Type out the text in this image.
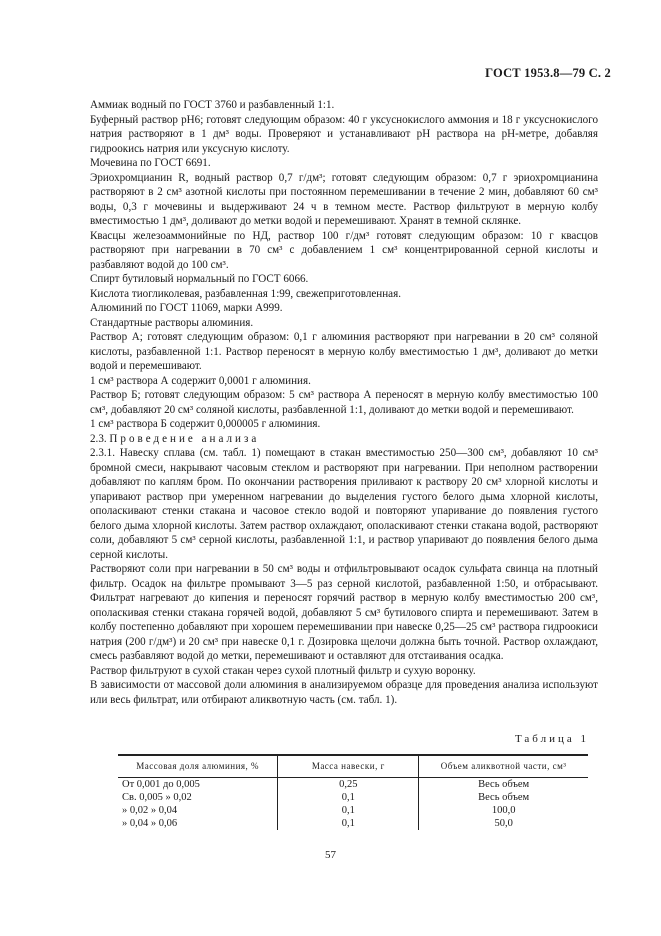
ГОСТ 1953.8—79 С. 2

Аммиак водный по ГОСТ 3760 и разбавленный 1:1.

Буферный раствор рН6; готовят следующим образом: 40 г уксуснокислого аммония и 18 г уксуснокислого натрия растворяют в 1 дм³ воды. Проверяют и устанавливают рН раствора на рН-метре, добавляя гидроокись натрия или уксусную кислоту.

Мочевина по ГОСТ 6691.

Эриохромцианин R, водный раствор 0,7 г/дм³; готовят следующим образом: 0,7 г эриохромцианина растворяют в 2 см³ азотной кислоты при постоянном перемешивании в течение 2 мин, добавляют 60 см³ воды, 0,3 г мочевины и выдерживают 24 ч в темном месте. Раствор фильтруют в мерную колбу вместимостью 1 дм³, доливают до метки водой и перемешивают. Хранят в темной склянке.

Квасцы железоаммонийные по НД, раствор 100 г/дм³ готовят следующим образом: 10 г квасцов растворяют при нагревании в 70 см³ с добавлением 1 см³ концентрированной серной кислоты и разбавляют водой до 100 см³.

Спирт бутиловый нормальный по ГОСТ 6066.

Кислота тиогликолевая, разбавленная 1:99, свежеприготовленная.

Алюминий по ГОСТ 11069, марки А999.

Стандартные растворы алюминия.

Раствор А; готовят следующим образом: 0,1 г алюминия растворяют при нагревании в 20 см³ соляной кислоты, разбавленной 1:1. Раствор переносят в мерную колбу вместимостью 1 дм³, доливают до метки водой и перемешивают.

1 см³ раствора А содержит 0,0001 г алюминия.

Раствор Б; готовят следующим образом: 5 см³ раствора А переносят в мерную колбу вместимостью 100 см³, добавляют 20 см³ соляной кислоты, разбавленной 1:1, доливают до метки водой и перемешивают.

1 см³ раствора Б содержит 0,000005 г алюминия.

2.3. Проведение анализа

2.3.1. Навеску сплава (см. табл. 1) помещают в стакан вместимостью 250—300 см³, добавляют 10 см³ бромной смеси, накрывают часовым стеклом и растворяют при нагревании. При неполном растворении добавляют по каплям бром. По окончании растворения приливают к раствору 20 см³ хлорной кислоты и упаривают раствор при умеренном нагревании до выделения густого белого дыма хлорной кислоты, ополаскивают стенки стакана и часовое стекло водой и повторяют упаривание до появления густого белого дыма хлорной кислоты. Затем раствор охлаждают, ополаскивают стенки стакана водой, растворяют соли, добавляют 5 см³ серной кислоты, разбавленной 1:1, и раствор упаривают до появления белого дыма серной кислоты.

Растворяют соли при нагревании в 50 см³ воды и отфильтровывают осадок сульфата свинца на плотный фильтр. Осадок на фильтре промывают 3—5 раз серной кислотой, разбавленной 1:50, и отбрасывают. Фильтрат нагревают до кипения и переносят горячий раствор в мерную колбу вместимостью 200 см³, ополаскивая стенки стакана горячей водой, добавляют 5 см³ бутилового спирта и перемешивают. Затем в колбу постепенно добавляют при хорошем перемешивании при навеске 0,25—25 см³ раствора гидроокиси натрия (200 г/дм³) и 20 см³ при навеске 0,1 г. Дозировка щелочи должна быть точной. Раствор охлаждают, смесь разбавляют водой до метки, перемешивают и оставляют для отстаивания осадка.

Раствор фильтруют в сухой стакан через сухой плотный фильтр и сухую воронку.

В зависимости от массовой доли алюминия в анализируемом образце для проведения анализа используют или весь фильтрат, или отбирают аликвотную часть (см. табл. 1).

Таблица 1
Массовая доля алюминия, %	Масса навески, г	Объем аликвотной части, см³
От 0,001 до 0,005	0,25	Весь объем
Св. 0,005 » 0,02	0,1	Весь объем
» 0,02 » 0,04	0,1	100,0
» 0,04 » 0,06	0,1	50,0
57
